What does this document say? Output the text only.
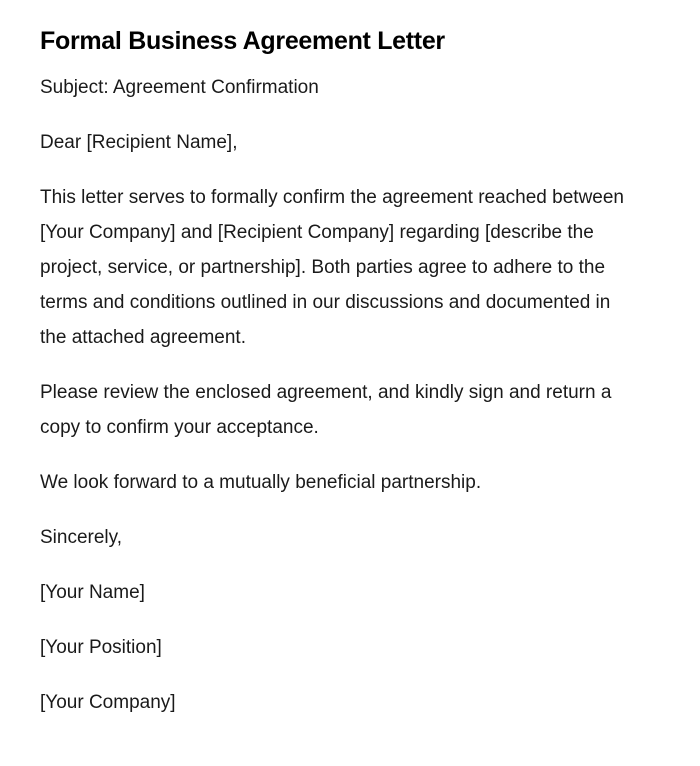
Formal Business Agreement Letter

Subject: Agreement Confirmation

Dear [Recipient Name],

This letter serves to formally confirm the agreement reached between [Your Company] and [Recipient Company] regarding [describe the project, service, or partnership]. Both parties agree to adhere to the terms and conditions outlined in our discussions and documented in the attached agreement.

Please review the enclosed agreement, and kindly sign and return a copy to confirm your acceptance.

We look forward to a mutually beneficial partnership.

Sincerely,

[Your Name]

[Your Position]

[Your Company]
